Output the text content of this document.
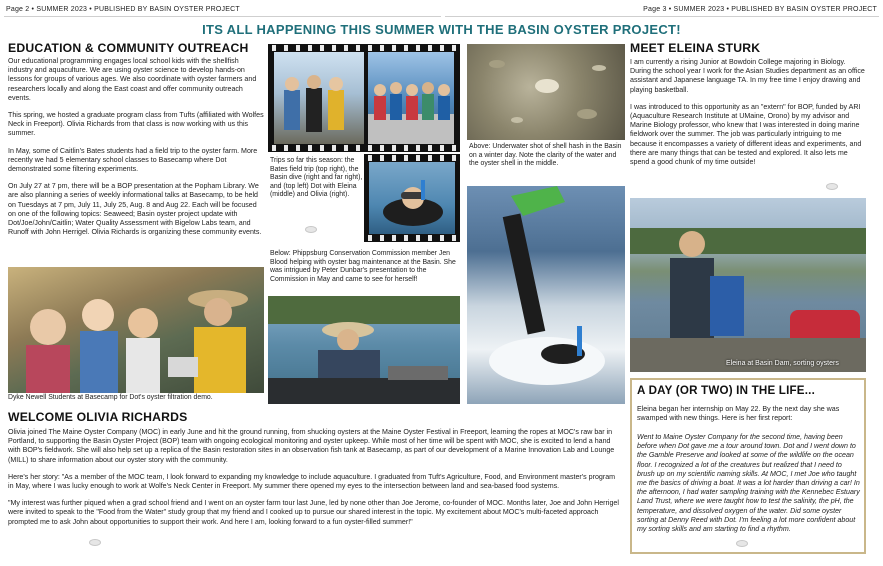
Page 2 • SUMMER 2023 • PUBLISHED BY BASIN OYSTER PROJECT	Page 3 • SUMMER 2023 • PUBLISHED BY BASIN OYSTER PROJECT
ITS ALL HAPPENING THIS SUMMER WITH THE BASIN OYSTER PROJECT!
EDUCATION & COMMUNITY OUTREACH

Our educational programming engages local school kids with the shellfish industry and aquaculture. We are using oyster science to develop hands-on lessons for groups of various ages. We also coordinate with oyster farmers and researchers locally and along the East coast and offer community outreach events.

This spring, we hosted a graduate program class from Tufts (affiliated with Wolfes Neck in Freeport). Olivia Richards from that class is now working with us this summer.

In May, some of Caitlin's Bates students had a field trip to the oyster farm. More recently we had 5 elementary school classes to Basecamp where Dot demonstrated some filtering experiments.

On July 27 at 7 pm, there will be a BOP presentation at the Popham Library. We are also planning a series of weekly informational talks at Basecamp, to be held on Tuesdays at 7 pm, July 11, July 25, Aug. 8 and Aug 22. Each will be focused on one of the following topics: Seaweed; Basin oyster project update with Dot/Joe/John/Caitlin; Water Quality Assessment with Bigelow Labs team, and Runoff with John Herrigel. Olivia Richards is organizing these community events.

Dyke Newell Students at Basecamp for Dot's oyster filtration demo.
Trips so far this season: the Bates field trip (top right), the Basin dive (right and far right), and (top left) Dot with Eleina (middle) and Olivia (right).
Below: Phippsburg Conservation Commission member Jen Blood helping with oyster bag maintenance at the Basin. She was intrigued by Peter Dunbar's presentation to the Commission in May and came to see for herself!
Above: Underwater shot of shell hash in the Basin on a winter day. Note the clarity of the water and the oyster shell in the middle.
MEET ELEINA STURK

I am currently a rising Junior at Bowdoin College majoring in Biology. During the school year I work for the Asian Studies department as an office assistant and Japanese language TA. In my free time I enjoy drawing and playing basketball.

I was introduced to this opportunity as an "extern" for BOP, funded by ARI (Aquaculture Research Institute at UMaine, Orono) by my advisor and Marine Biology professor, who knew that I was interested in doing marine fieldwork over the summer. The job was particularly intriguing to me because it encompasses a variety of different ideas and experiments, and there are many things that can be tested and explored. It also lets me spend a good chunk of my time outside!

Eleina at Basin Dam, sorting oysters
WELCOME OLIVIA RICHARDS

Olivia joined The Maine Oyster Company (MOC) in early June and hit the ground running, from shucking oysters at the Maine Oyster Festival in Freeport, learning the ropes at MOC's raw bar in Portland, to supporting the Basin Oyster Project (BOP) team with ongoing ecological monitoring and oyster upkeep. While most of her time will be spent with MOC, she is excited to lend a hand with BOP's fieldwork. She will also help set up a replica of the Basin restoration sites in an observation fish tank at Basecamp, as part of our development of a Marine Innovation Lab and Lounge (MILL) to share information about our oyster story with the community.

Here's her story: "As a member of the MOC team, I look forward to expanding my knowledge to include aquaculture. I graduated from Tuft's Agriculture, Food, and Environment master's program in May, where I was lucky enough to work at Wolfe's Neck Center in Freeport. My summer there opened my eyes to the intersection between land and sea-based food systems.

"My interest was further piqued when a grad school friend and I went on an oyster farm tour last June, led by none other than Joe Jerome, co-founder of MOC. Months later, Joe and John Herrigel were invited to speak to the "Food from the Water" study group that my friend and I cooked up to pursue our shared interest in the topic. My excitement about MOC's multi-faceted approach prompted me to ask John about opportunities to support their work. And here I am, looking forward to a fun oyster-filled summer!"

A DAY (OR TWO) IN THE LIFE...
Eleina began her internship on May 22. By the next day she was swamped with new things. Here is her first report:
Went to Maine Oyster Company for the second time, having been before when Dot gave me a tour around town. Dot and I went down to the Gamble Preserve and looked at some of the wildlife on the ocean floor. I recognized a lot of the creatures but realized that I need to brush up on my scientific naming skills. At MOC, I met Joe who taught me the basics of driving a boat. It was a lot harder than driving a car! In the afternoon, I had water sampling training with the Kennebec Estuary Land Trust, where we were taught how to test the salinity, the pH, the temperature, and dissolved oxygen of the water. Did some oyster sorting at Denny Reed with Dot. I'm feeling a lot more confident about my sorting skills and am starting to find a rhythm.
